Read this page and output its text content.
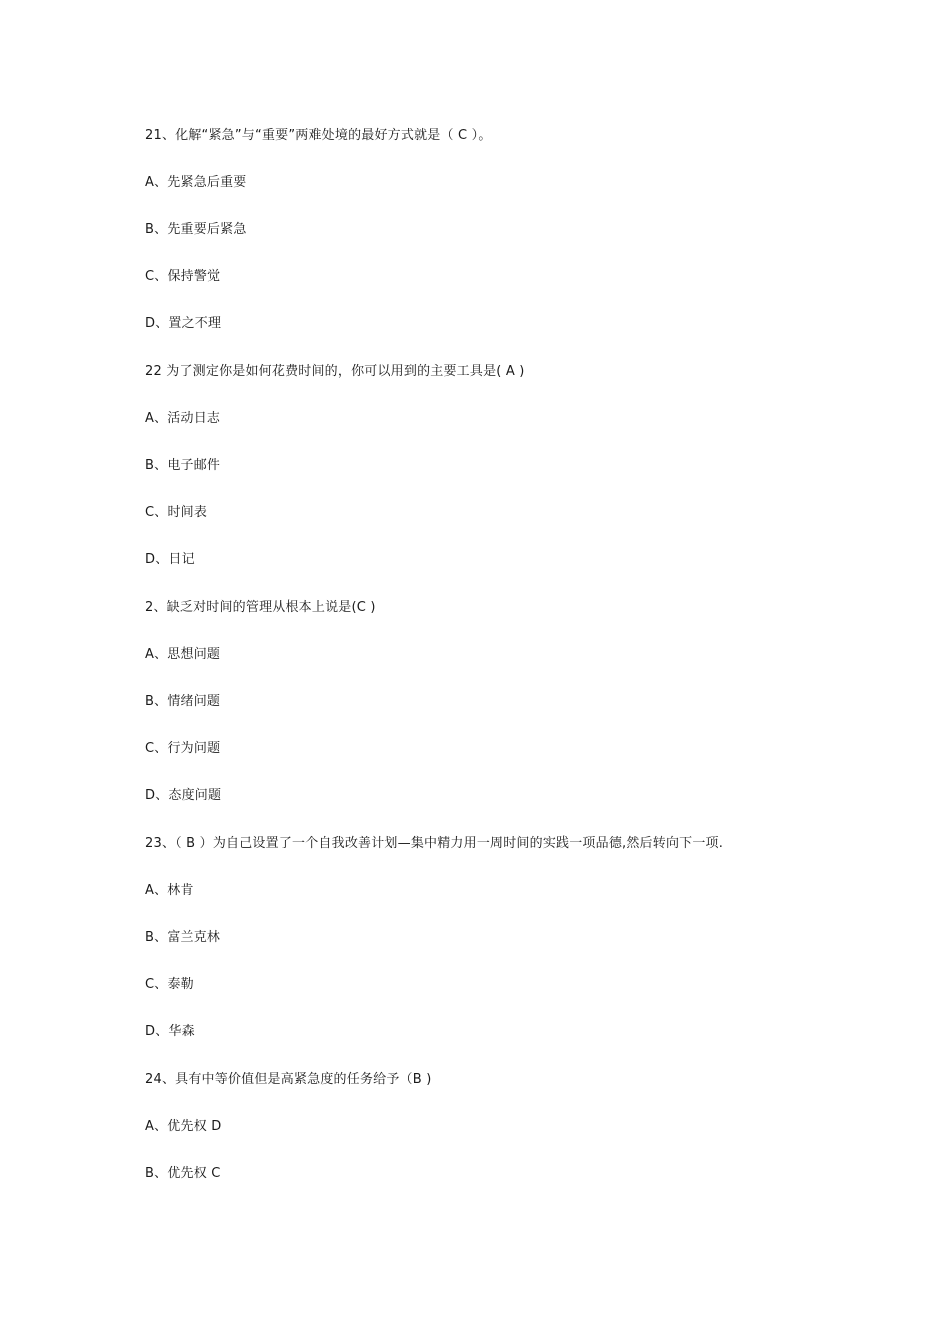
21、化解“紧急”与“重要”两难处境的最好方式就是（ C ）。
A、先紧急后重要
B、先重要后紧急
C、保持警觉
D、置之不理
22 为了测定你是如何花费时间的，你可以用到的主要工具是( A )
A、活动日志
B、电子邮件
C、时间表
D、日记
2、缺乏对时间的管理从根本上说是(C )
A、思想问题
B、情绪问题
C、行为问题
D、态度问题
23、（ B ）为自己设置了一个自我改善计划—集中精力用一周时间的实践一项品德,然后转向下一项.
A、林肯
B、富兰克林
C、泰勒
D、华森
24、具有中等价值但是高紧急度的任务给予（B )
A、优先权 D
B、优先权 C
